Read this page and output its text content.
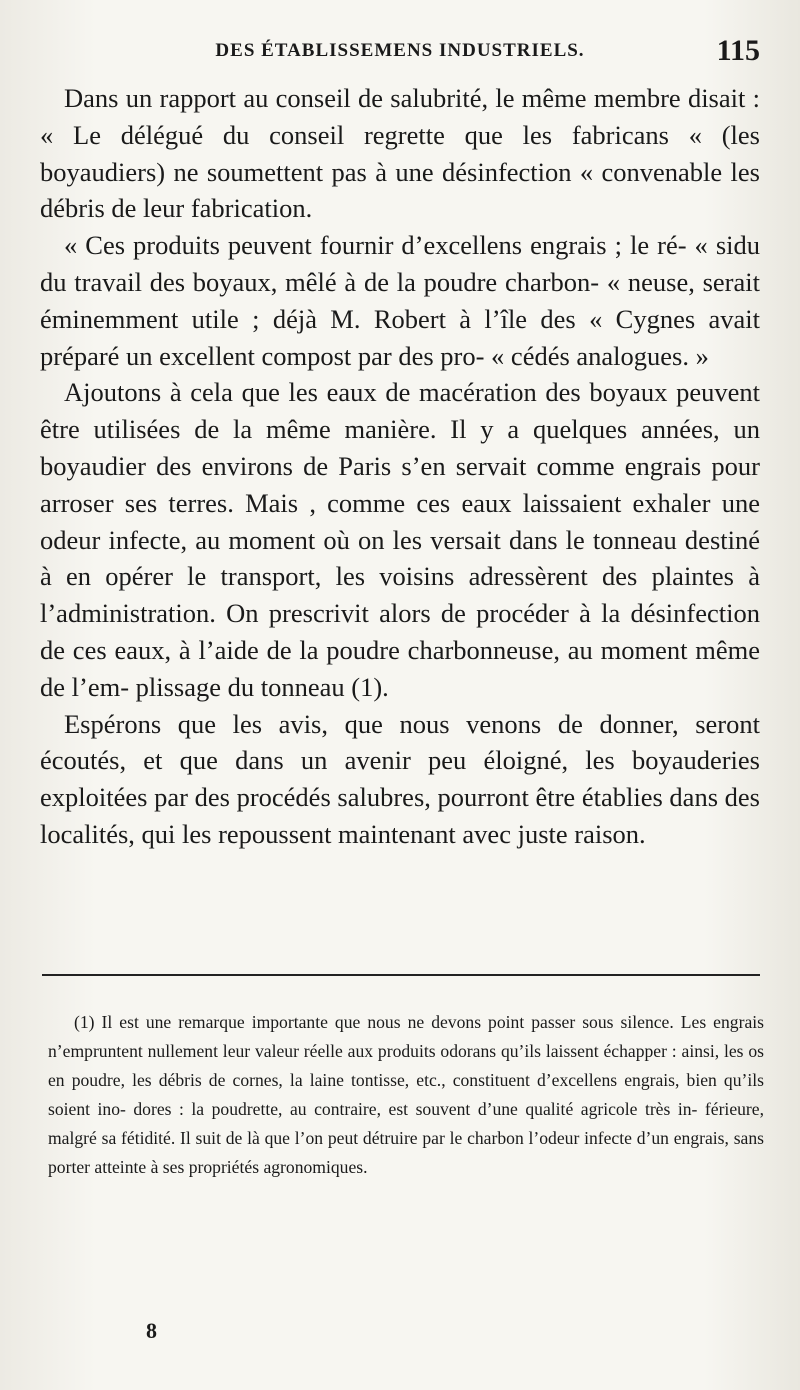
DES ÉTABLISSEMENS INDUSTRIELS.	115

Dans un rapport au conseil de salubrité, le même membre disait : « Le délégué du conseil regrette que les fabricans « (les boyaudiers) ne soumettent pas à une désinfection « convenable les débris de leur fabrication.

« Ces produits peuvent fournir d’excellens engrais ; le ré- « sidu du travail des boyaux, mêlé à de la poudre charbon- « neuse, serait éminemment utile ; déjà M. Robert à l’île des « Cygnes avait préparé un excellent compost par des pro- « cédés analogues. »

Ajoutons à cela que les eaux de macération des boyaux peuvent être utilisées de la même manière. Il y a quelques années, un boyaudier des environs de Paris s’en servait comme engrais pour arroser ses terres. Mais , comme ces eaux laissaient exhaler une odeur infecte, au moment où on les versait dans le tonneau destiné à en opérer le transport, les voisins adressèrent des plaintes à l’administration. On prescrivit alors de procéder à la désinfection de ces eaux, à l’aide de la poudre charbonneuse, au moment même de l’em- plissage du tonneau (1).

Espérons que les avis, que nous venons de donner, seront écoutés, et que dans un avenir peu éloigné, les boyauderies exploitées par des procédés salubres, pourront être établies dans des localités, qui les repoussent maintenant avec juste raison.

(1) Il est une remarque importante que nous ne devons point passer sous silence. Les engrais n’empruntent nullement leur valeur réelle aux produits odorans qu’ils laissent échapper : ainsi, les os en poudre, les débris de cornes, la laine tontisse, etc., constituent d’excellens engrais, bien qu’ils soient ino- dores : la poudrette, au contraire, est souvent d’une qualité agricole très in- férieure, malgré sa fétidité. Il suit de là que l’on peut détruire par le charbon l’odeur infecte d’un engrais, sans porter atteinte à ses propriétés agronomiques.
8
